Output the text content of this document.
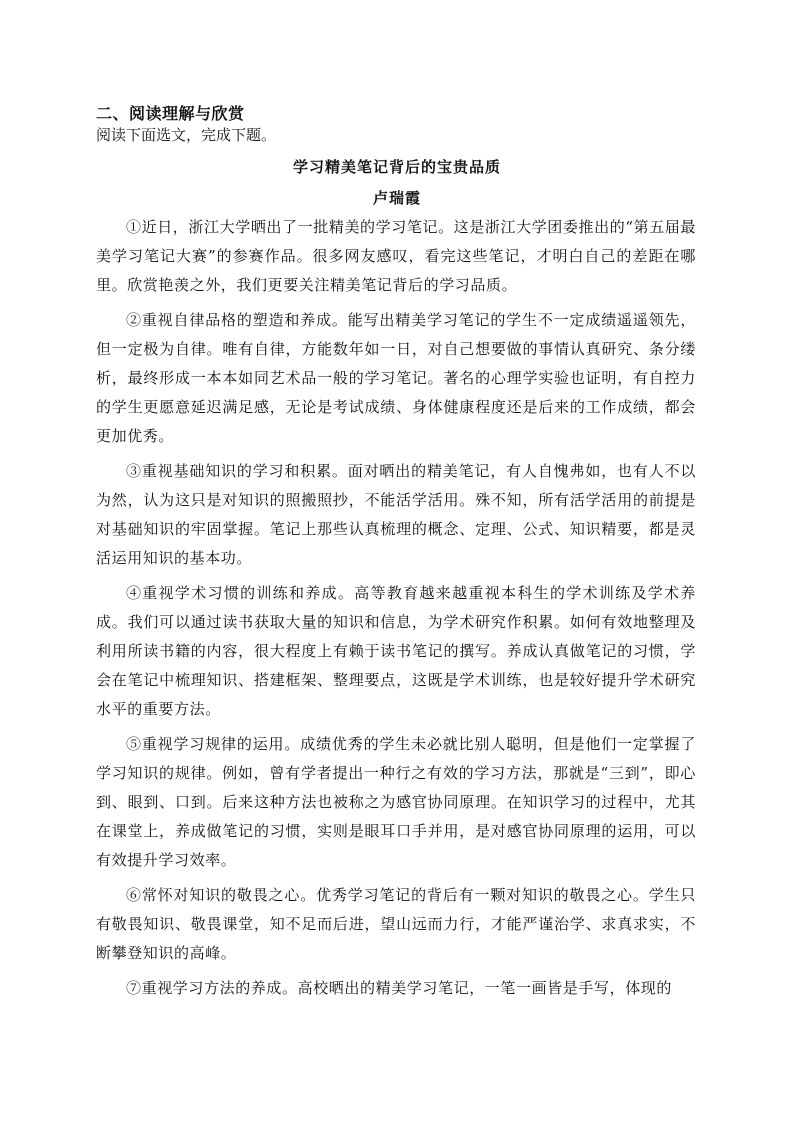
二、阅读理解与欣赏
阅读下面选文，完成下题。
学习精美笔记背后的宝贵品质
卢瑞霞

①近日，浙江大学晒出了一批精美的学习笔记。这是浙江大学团委推出的“第五届最美学习笔记大赛”的参赛作品。很多网友感叹，看完这些笔记，才明白自己的差距在哪里。欣赏艳羡之外，我们更要关注精美笔记背后的学习品质。

②重视自律品格的塑造和养成。能写出精美学习笔记的学生不一定成绩遥遥领先，但一定极为自律。唯有自律，方能数年如一日，对自己想要做的事情认真研究、条分缕析，最终形成一本本如同艺术品一般的学习笔记。著名的心理学实验也证明，有自控力的学生更愿意延迟满足感，无论是考试成绩、身体健康程度还是后来的工作成绩，都会更加优秀。

③重视基础知识的学习和积累。面对晒出的精美笔记，有人自愧弗如，也有人不以为然，认为这只是对知识的照搬照抄，不能活学活用。殊不知，所有活学活用的前提是对基础知识的牢固掌握。笔记上那些认真梳理的概念、定理、公式、知识精要，都是灵活运用知识的基本功。

④重视学术习惯的训练和养成。高等教育越来越重视本科生的学术训练及学术养成。我们可以通过读书获取大量的知识和信息，为学术研究作积累。如何有效地整理及利用所读书籍的内容，很大程度上有赖于读书笔记的撰写。养成认真做笔记的习惯，学会在笔记中梳理知识、搭建框架、整理要点，这既是学术训练，也是较好提升学术研究水平的重要方法。

⑤重视学习规律的运用。成绩优秀的学生未必就比别人聪明，但是他们一定掌握了学习知识的规律。例如，曾有学者提出一种行之有效的学习方法，那就是“三到”，即心到、眼到、口到。后来这种方法也被称之为感官协同原理。在知识学习的过程中，尤其在课堂上，养成做笔记的习惯，实则是眼耳口手并用，是对感官协同原理的运用，可以有效提升学习效率。

⑥常怀对知识的敬畏之心。优秀学习笔记的背后有一颗对知识的敬畏之心。学生只有敬畏知识、敬畏课堂，知不足而后进，望山远而力行，才能严谨治学、求真求实，不断攀登知识的高峰。

⑦重视学习方法的养成。高校晒出的精美学习笔记，一笔一画皆是手写，体现的
